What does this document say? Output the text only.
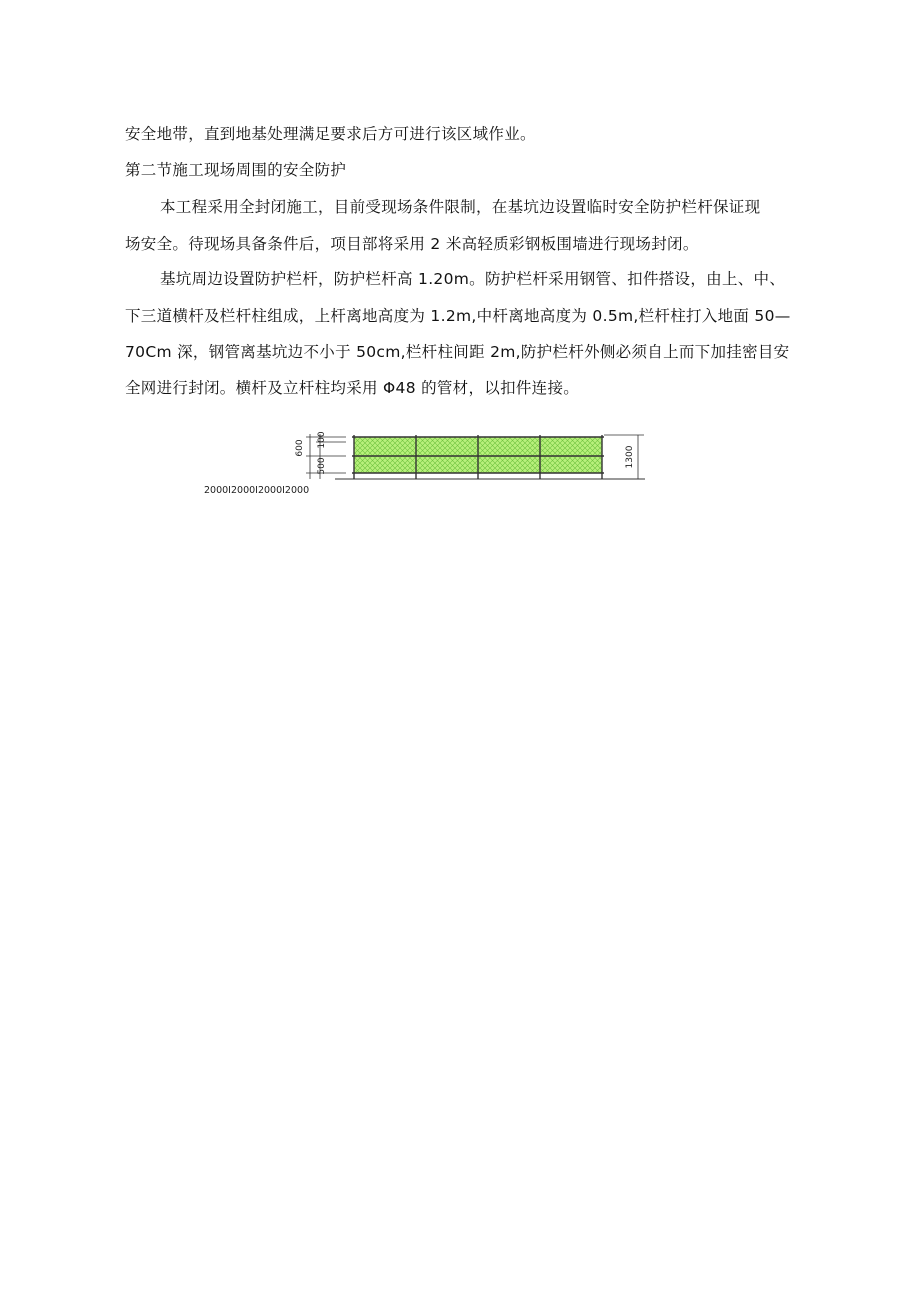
安全地带，直到地基处理满足要求后方可进行该区域作业。
第二节施工现场周围的安全防护
本工程采用全封闭施工，目前受现场条件限制，在基坑边设置临时安全防护栏杆保证现
场安全。待现场具备条件后，项目部将采用 2 米高轻质彩钢板围墙进行现场封闭。
基坑周边设置防护栏杆，防护栏杆高 1.20m。防护栏杆采用钢管、扣件搭设，由上、中、
下三道横杆及栏杆柱组成，上杆离地高度为 1.2m,中杆离地高度为 0.5m,栏杆柱打入地面 50—
70Cm 深，钢管离基坑边不小于 50cm,栏杆柱间距 2m,防护栏杆外侧必须自上而下加挂密目安
全网进行封闭。横杆及立杆柱均采用 Φ48 的管材，以扣件连接。
600 100
500	1300
2000I2000I2000I2000
